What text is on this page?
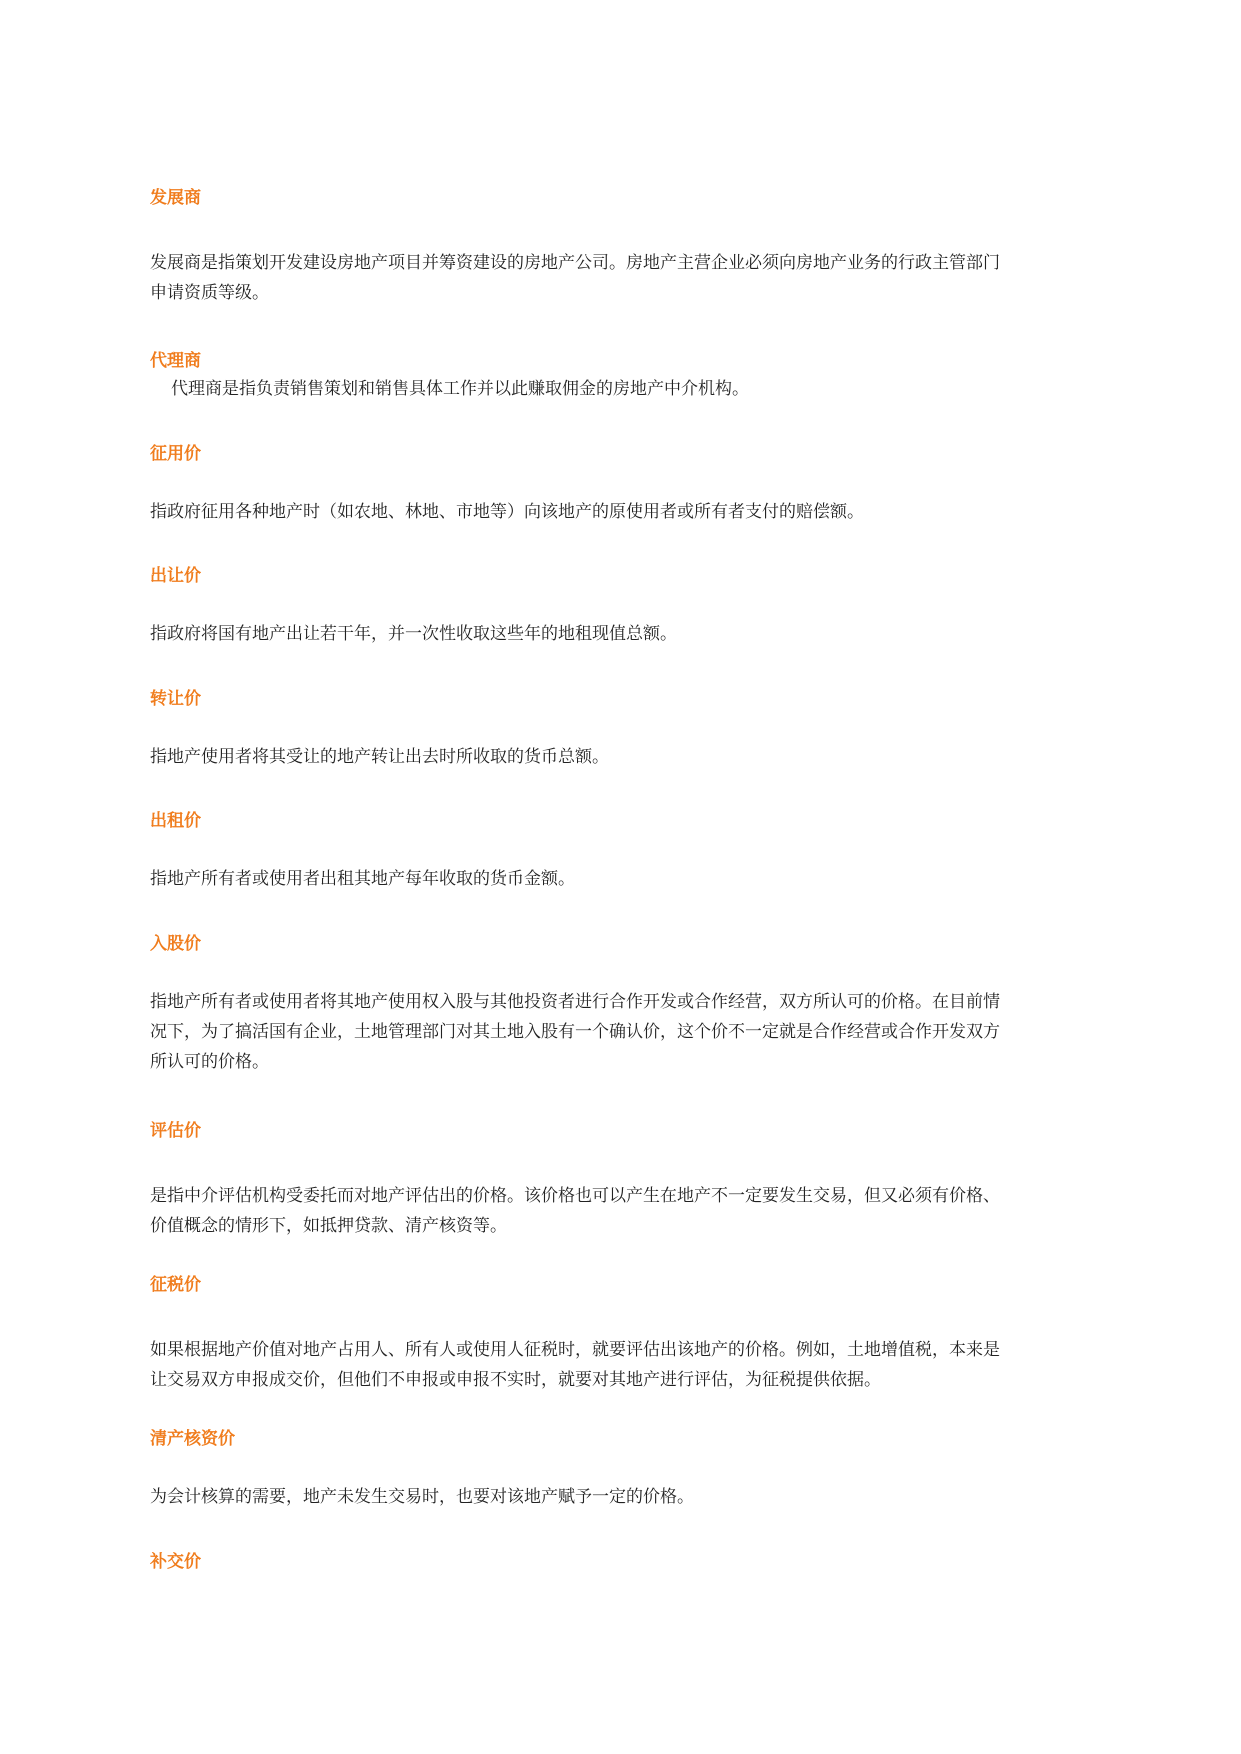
发展商
发展商是指策划开发建设房地产项目并筹资建设的房地产公司。房地产主营企业必须向房地产业务的行政主管部门
申请资质等级。
代理商
代理商是指负责销售策划和销售具体工作并以此赚取佣金的房地产中介机构。
征用价
指政府征用各种地产时（如农地、林地、市地等）向该地产的原使用者或所有者支付的赔偿额。
出让价
指政府将国有地产出让若干年，并一次性收取这些年的地租现值总额。
转让价
指地产使用者将其受让的地产转让出去时所收取的货币总额。
出租价
指地产所有者或使用者出租其地产每年收取的货币金额。
入股价
指地产所有者或使用者将其地产使用权入股与其他投资者进行合作开发或合作经营，双方所认可的价格。在目前情
况下，为了搞活国有企业，土地管理部门对其土地入股有一个确认价，这个价不一定就是合作经营或合作开发双方
所认可的价格。
评估价
是指中介评估机构受委托而对地产评估出的价格。该价格也可以产生在地产不一定要发生交易，但又必须有价格、
价值概念的情形下，如抵押贷款、清产核资等。
征税价
如果根据地产价值对地产占用人、所有人或使用人征税时，就要评估出该地产的价格。例如，土地增值税，本来是
让交易双方申报成交价，但他们不申报或申报不实时，就要对其地产进行评估，为征税提供依据。
清产核资价
为会计核算的需要，地产未发生交易时，也要对该地产赋予一定的价格。
补交价
